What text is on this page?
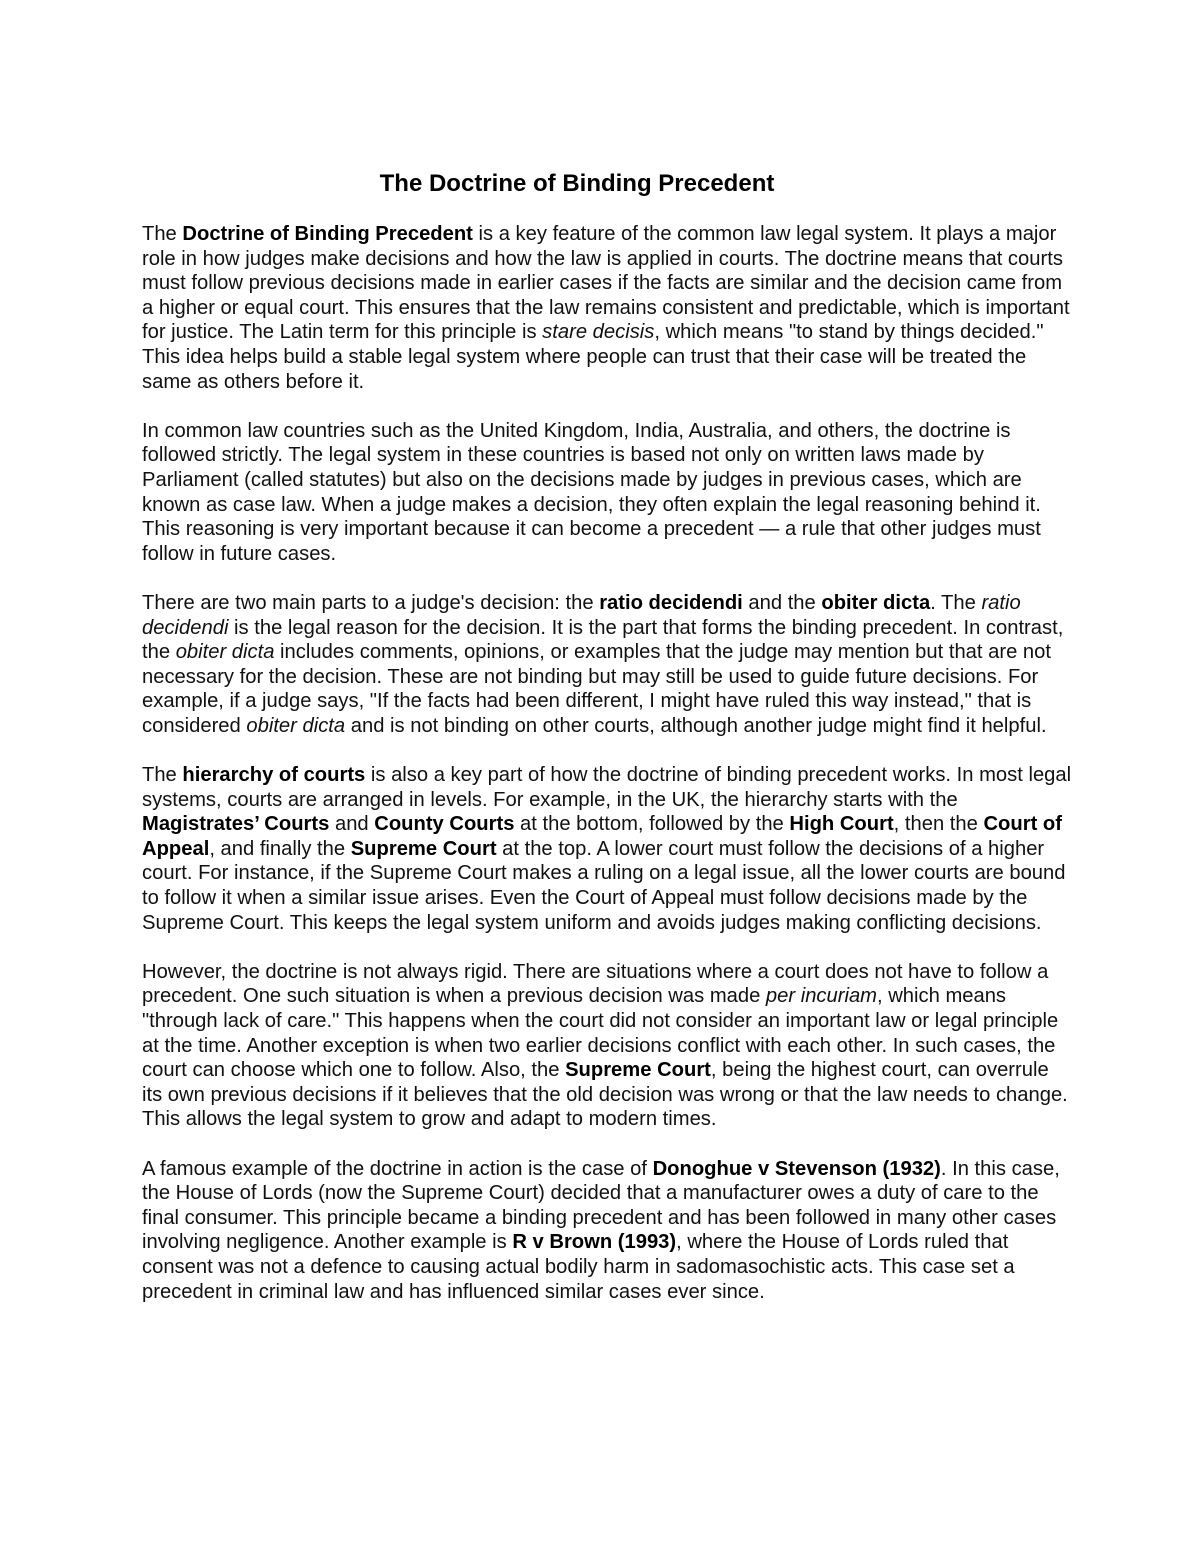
The Doctrine of Binding Precedent

The Doctrine of Binding Precedent is a key feature of the common law legal system. It plays a major role in how judges make decisions and how the law is applied in courts. The doctrine means that courts must follow previous decisions made in earlier cases if the facts are similar and the decision came from a higher or equal court. This ensures that the law remains consistent and predictable, which is important for justice. The Latin term for this principle is stare decisis, which means "to stand by things decided." This idea helps build a stable legal system where people can trust that their case will be treated the same as others before it.

In common law countries such as the United Kingdom, India, Australia, and others, the doctrine is followed strictly. The legal system in these countries is based not only on written laws made by Parliament (called statutes) but also on the decisions made by judges in previous cases, which are known as case law. When a judge makes a decision, they often explain the legal reasoning behind it. This reasoning is very important because it can become a precedent — a rule that other judges must follow in future cases.

There are two main parts to a judge's decision: the ratio decidendi and the obiter dicta. The ratio decidendi is the legal reason for the decision. It is the part that forms the binding precedent. In contrast, the obiter dicta includes comments, opinions, or examples that the judge may mention but that are not necessary for the decision. These are not binding but may still be used to guide future decisions. For example, if a judge says, "If the facts had been different, I might have ruled this way instead," that is considered obiter dicta and is not binding on other courts, although another judge might find it helpful.

The hierarchy of courts is also a key part of how the doctrine of binding precedent works. In most legal systems, courts are arranged in levels. For example, in the UK, the hierarchy starts with the Magistrates’ Courts and County Courts at the bottom, followed by the High Court, then the Court of Appeal, and finally the Supreme Court at the top. A lower court must follow the decisions of a higher court. For instance, if the Supreme Court makes a ruling on a legal issue, all the lower courts are bound to follow it when a similar issue arises. Even the Court of Appeal must follow decisions made by the Supreme Court. This keeps the legal system uniform and avoids judges making conflicting decisions.

However, the doctrine is not always rigid. There are situations where a court does not have to follow a precedent. One such situation is when a previous decision was made per incuriam, which means "through lack of care." This happens when the court did not consider an important law or legal principle at the time. Another exception is when two earlier decisions conflict with each other. In such cases, the court can choose which one to follow. Also, the Supreme Court, being the highest court, can overrule its own previous decisions if it believes that the old decision was wrong or that the law needs to change. This allows the legal system to grow and adapt to modern times.

A famous example of the doctrine in action is the case of Donoghue v Stevenson (1932). In this case, the House of Lords (now the Supreme Court) decided that a manufacturer owes a duty of care to the final consumer. This principle became a binding precedent and has been followed in many other cases involving negligence. Another example is R v Brown (1993), where the House of Lords ruled that consent was not a defence to causing actual bodily harm in sadomasochistic acts. This case set a precedent in criminal law and has influenced similar cases ever since.
